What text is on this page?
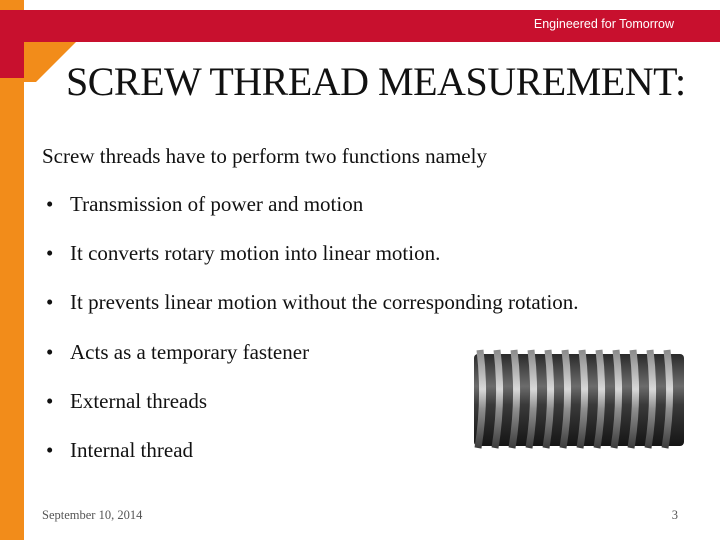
Engineered for Tomorrow
SCREW THREAD MEASUREMENT:
Screw threads have to perform two functions namely
• Transmission of power and motion
• It converts rotary motion into linear motion.
• It prevents linear motion without the corresponding rotation.
• Acts as a temporary fastener
• External threads
• Internal thread
September 10, 2014	3
